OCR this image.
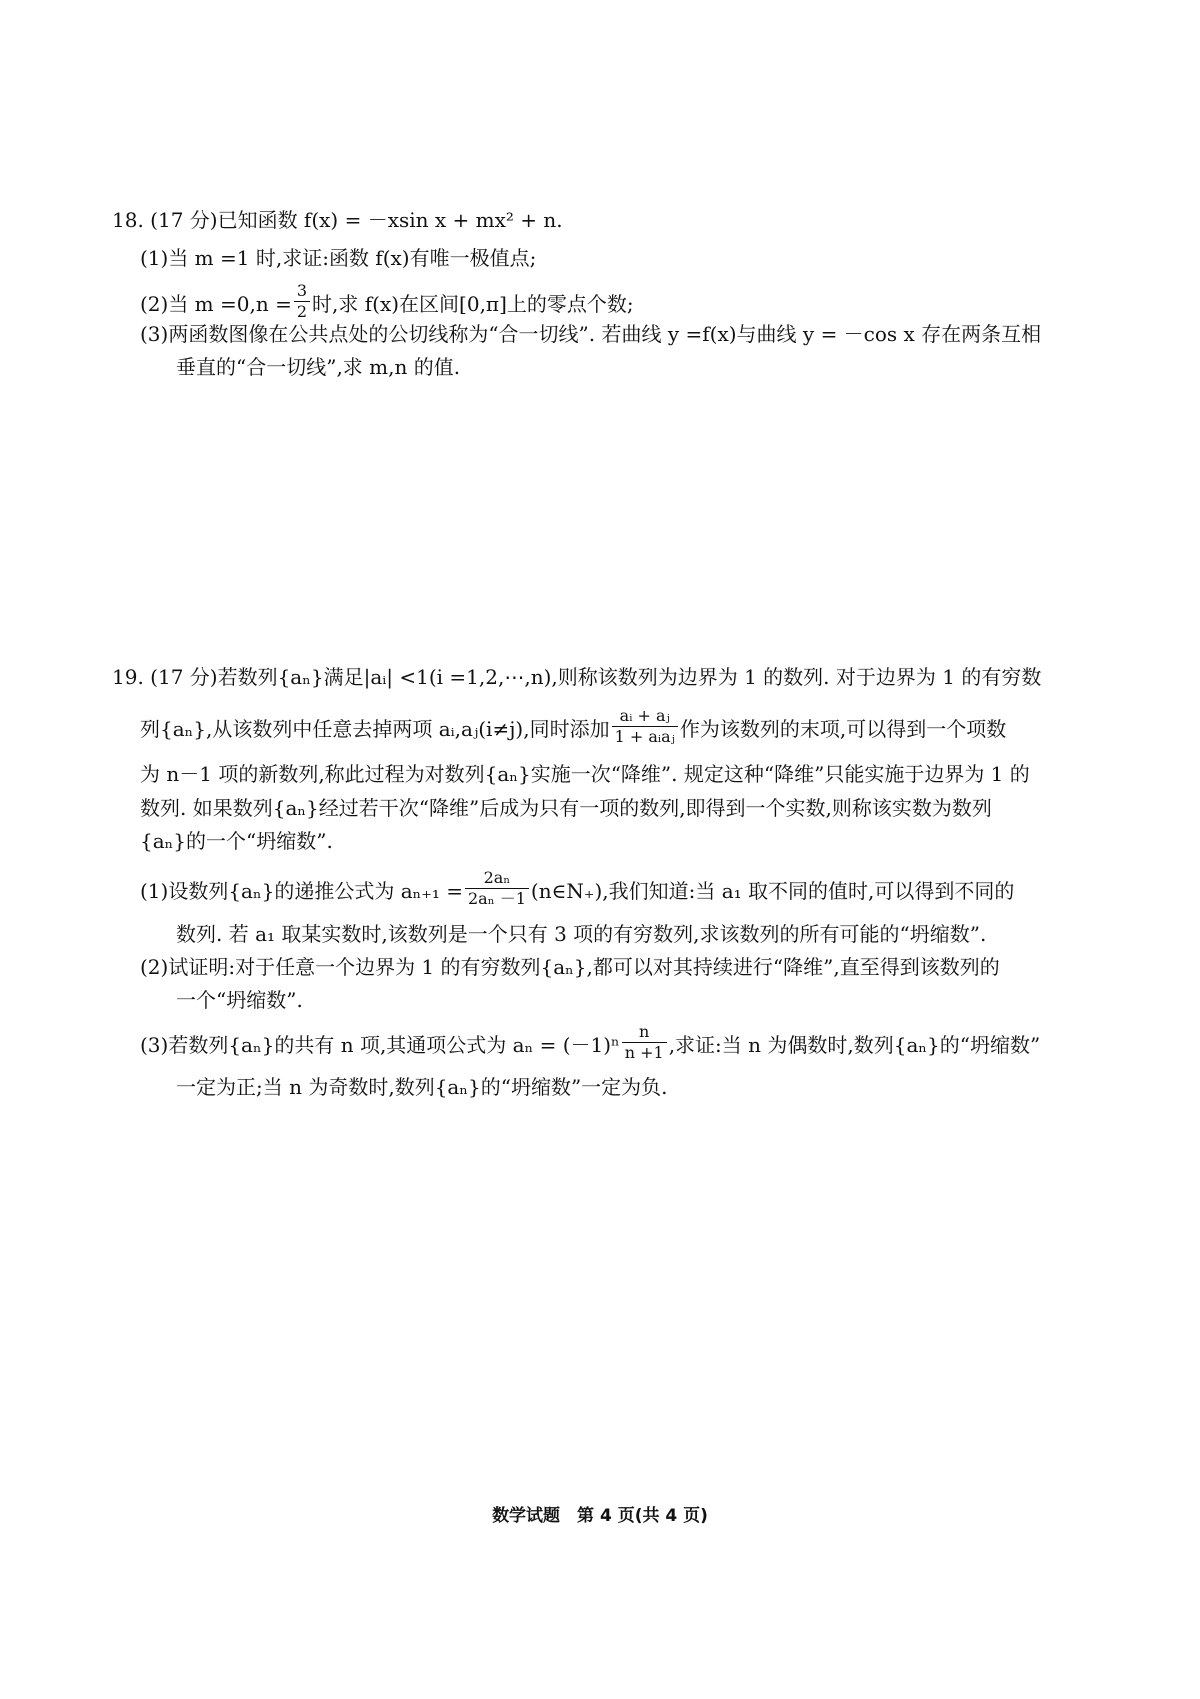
18. (17 分)已知函数 f(x) = －xsin x + mx² + n.
(1)当 m =1 时,求证:函数 f(x)有唯一极值点;
(2)当 $m =0,n = \frac{3}{2}$ 时,求 f(x)在区间[0,π]上的零点个数;
(3)两函数图像在公共点处的公切线称为“合一切线”. 若曲线 y =f(x)与曲线 y = －cos x 存在两条互相
垂直的“合一切线”,求 m,n 的值.
19. (17 分)若数列{aₙ}满足|aᵢ| <1(i =1,2,⋯,n),则称该数列为边界为 1 的数列. 对于边界为 1 的有穷数
列{aₙ},从该数列中任意去掉两项 aᵢ,aⱼ(i≠j),同时添加 $\frac{\text{aᵢ + aⱼ}}{\text{1 + aᵢaⱼ}}$ 作为该数列的末项,可以得到一个项数
为 n－1 项的新数列,称此过程为对数列{aₙ}实施一次“降维”. 规定这种“降维”只能实施于边界为 1 的
数列. 如果数列{aₙ}经过若干次“降维”后成为只有一项的数列,即得到一个实数,则称该实数为数列
{aₙ}的一个“坍缩数”.
(1)设数列{aₙ}的递推公式为 $a_{n+1} = \frac{\text{2aₙ}}{\text{2aₙ －1}}$ (n∈N₊),我们知道:当 a₁ 取不同的值时,可以得到不同的
数列. 若 a₁ 取某实数时,该数列是一个只有 3 项的有穷数列,求该数列的所有可能的“坍缩数”.
(2)试证明:对于任意一个边界为 1 的有穷数列{aₙ},都可以对其持续进行“降维”,直至得到该数列的
一个“坍缩数”.
(3)若数列{aₙ}的共有 n 项,其通项公式为 $a_n = (-1)^n \frac{n}{n +1}$ ,求证:当 n 为偶数时,数列{aₙ}的“坍缩数”
一定为正;当 n 为奇数时,数列{aₙ}的“坍缩数”一定为负.
数学试题　第 4 页(共 4 页)
